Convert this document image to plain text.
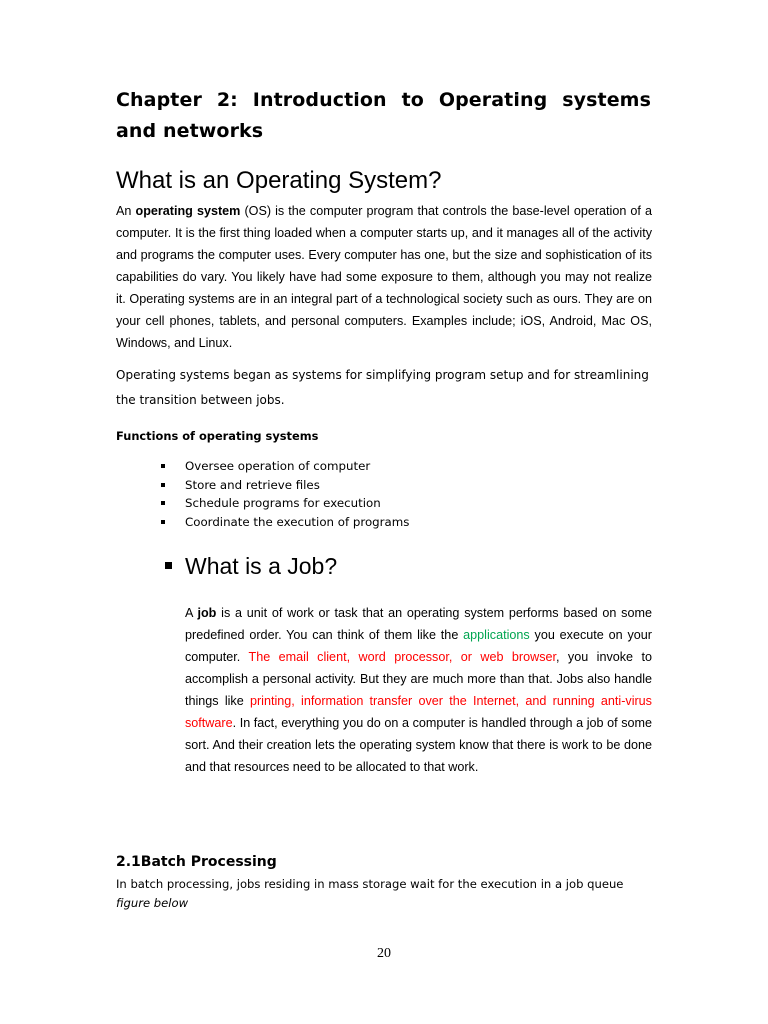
Chapter 2: Introduction to Operating systems and networks
What is an Operating System?

An operating system (OS) is the computer program that controls the base-level operation of a computer. It is the first thing loaded when a computer starts up, and it manages all of the activity and programs the computer uses. Every computer has one, but the size and sophistication of its capabilities do vary. You likely have had some exposure to them, although you may not realize it. Operating systems are in an integral part of a technological society such as ours. They are on your cell phones, tablets, and personal computers. Examples include; iOS, Android, Mac OS, Windows, and Linux.

Operating systems began as systems for simplifying program setup and for streamlining the transition between jobs.

Functions of operating systems
Oversee operation of computer
Store and retrieve files
Schedule programs for execution
Coordinate the execution of programs
What is a Job?

A job is a unit of work or task that an operating system performs based on some predefined order. You can think of them like the applications you execute on your computer. The email client, word processor, or web browser, you invoke to accomplish a personal activity. But they are much more than that. Jobs also handle things like printing, information transfer over the Internet, and running anti-virus software. In fact, everything you do on a computer is handled through a job of some sort. And their creation lets the operating system know that there is work to be done and that resources need to be allocated to that work.

2.1Batch Processing

In batch processing, jobs residing in mass storage wait for the execution in a job queue figure below

20
